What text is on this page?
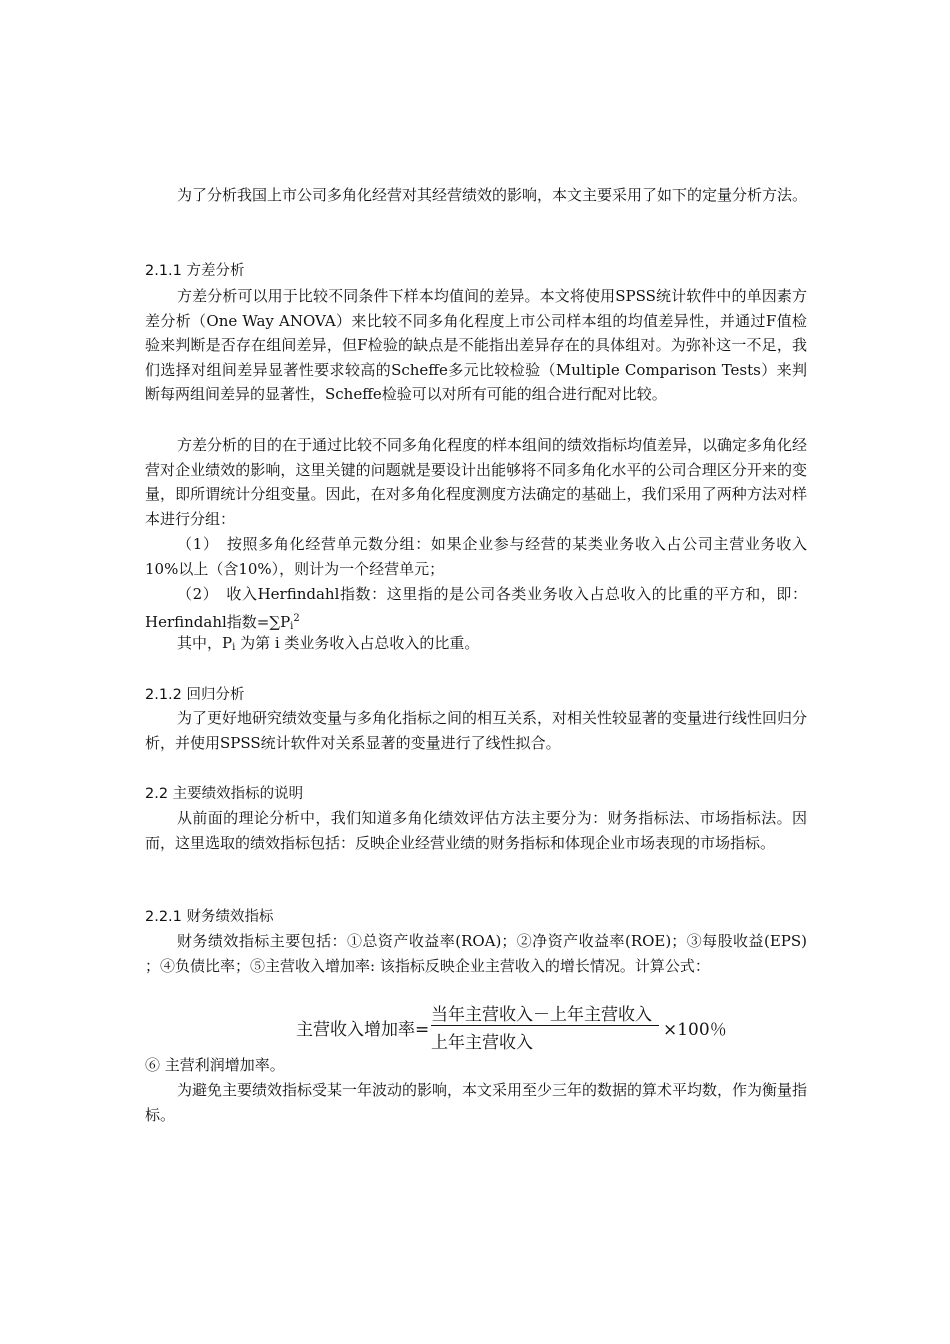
为了分析我国上市公司多角化经营对其经营绩效的影响，本文主要采用了如下的定量分析方法。
2.1.1 方差分析
方差分析可以用于比较不同条件下样本均值间的差异。本文将使用SPSS统计软件中的单因素方差分析（One Way ANOVA）来比较不同多角化程度上市公司样本组的均值差异性，并通过F值检验来判断是否存在组间差异，但F检验的缺点是不能指出差异存在的具体组对。为弥补这一不足，我们选择对组间差异显著性要求较高的Scheffe多元比较检验（Multiple Comparison Tests）来判断每两组间差异的显著性，Scheffe检验可以对所有可能的组合进行配对比较。
方差分析的目的在于通过比较不同多角化程度的样本组间的绩效指标均值差异，以确定多角化经营对企业绩效的影响，这里关键的问题就是要设计出能够将不同多角化水平的公司合理区分开来的变量，即所谓统计分组变量。因此，在对多角化程度测度方法确定的基础上，我们采用了两种方法对样本进行分组：
（1）　按照多角化经营单元数分组：如果企业参与经营的某类业务收入占公司主营业务收入10%以上（含10%），则计为一个经营单元；
（2）　收入Herfindahl指数：这里指的是公司各类业务收入占总收入的比重的平方和，即：Herfindahl指数$=\sum P_i^2$
其中，$P_i$ 为第 i 类业务收入占总收入的比重。
2.1.2 回归分析
为了更好地研究绩效变量与多角化指标之间的相互关系，对相关性较显著的变量进行线性回归分析，并使用SPSS统计软件对关系显著的变量进行了线性拟合。
2.2 主要绩效指标的说明
从前面的理论分析中，我们知道多角化绩效评估方法主要分为：财务指标法、市场指标法。因而，这里选取的绩效指标包括：反映企业经营业绩的财务指标和体现企业市场表现的市场指标。
2.2.1 财务绩效指标
财务绩效指标主要包括：①总资产收益率(ROA)；②净资产收益率(ROE)；③每股收益(EPS) ；④负债比率；⑤主营收入增加率: 该指标反映企业主营收入的增长情况。计算公式：
主营收入增加率=
当年主营收入－上年主营收入
上年主营收入
×100％
⑥ 主营利润增加率。
为避免主要绩效指标受某一年波动的影响，本文采用至少三年的数据的算术平均数，作为衡量指标。
